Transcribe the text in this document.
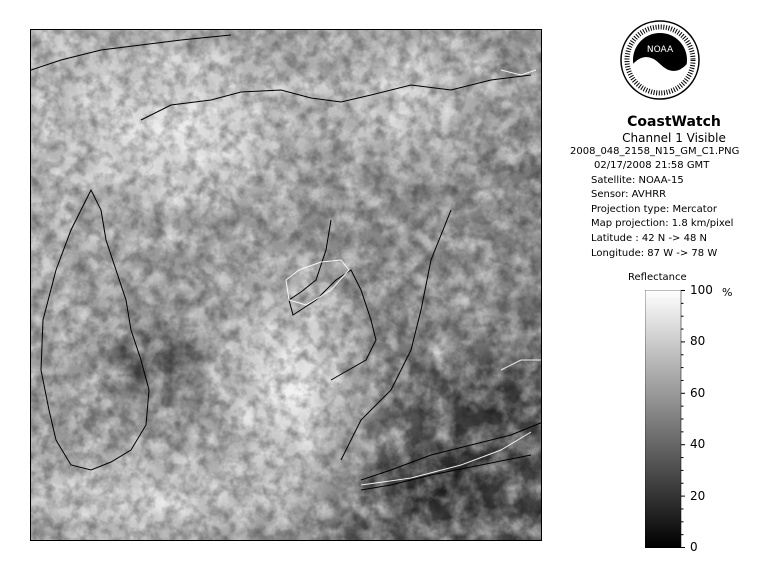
NOAA
CoastWatch
Channel 1 Visible
2008_048_2158_N15_GM_C1.PNG
02/17/2008 21:58 GMT
Satellite: NOAA-15
Sensor: AVHRR
Projection type: Mercator
Map projection: 1.8 km/pixel
Latitude : 42 N -> 48 N
Longitude: 87 W -> 78 W
Reflectance
%
100
80
60
40
20
0
